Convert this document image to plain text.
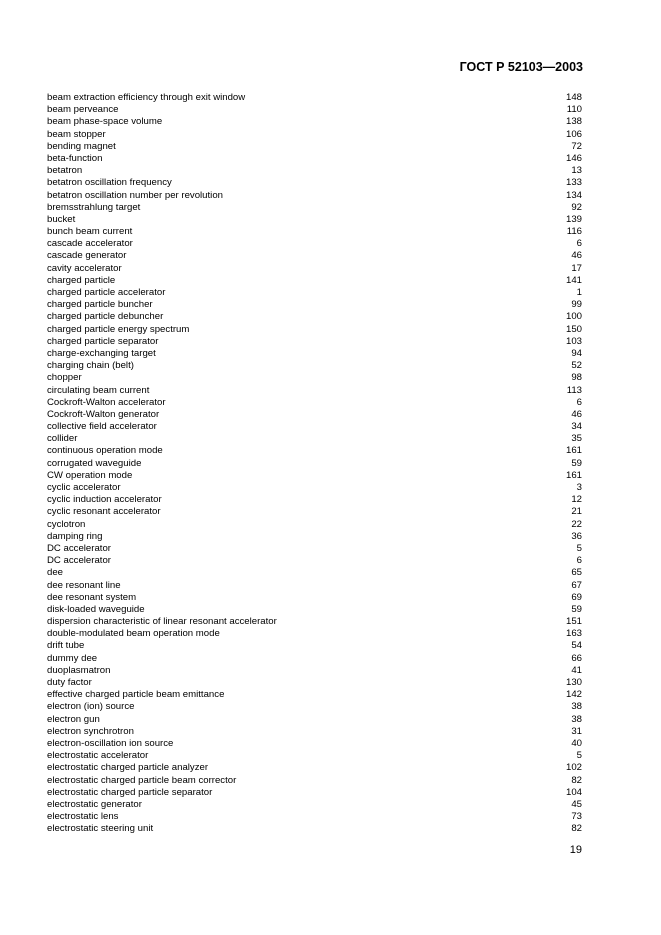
ГОСТ Р 52103—2003
beam extraction efficiency through exit window	148
beam perveance	110
beam phase-space volume	138
beam stopper	106
bending magnet	72
beta-function	146
betatron	13
betatron oscillation frequency	133
betatron oscillation number per revolution	134
bremsstrahlung target	92
bucket	139
bunch beam current	116
cascade accelerator	6
cascade generator	46
cavity accelerator	17
charged particle	141
charged particle accelerator	1
charged particle buncher	99
charged particle debuncher	100
charged particle energy spectrum	150
charged particle separator	103
charge-exchanging target	94
charging chain (belt)	52
chopper	98
circulating beam current	113
Cockroft-Walton accelerator	6
Cockroft-Walton generator	46
collective field accelerator	34
collider	35
continuous operation mode	161
corrugated waveguide	59
CW operation mode	161
cyclic accelerator	3
cyclic induction accelerator	12
cyclic resonant accelerator	21
cyclotron	22
damping ring	36
DC accelerator	5
DC accelerator	6
dee	65
dee resonant line	67
dee resonant system	69
disk-loaded waveguide	59
dispersion characteristic of linear resonant accelerator	151
double-modulated beam operation mode	163
drift tube	54
dummy dee	66
duoplasmatron	41
duty factor	130
effective charged particle beam emittance	142
electron (ion) source	38
electron gun	38
electron synchrotron	31
electron-oscillation ion source	40
electrostatic accelerator	5
electrostatic charged particle analyzer	102
electrostatic charged particle beam corrector	82
electrostatic charged particle separator	104
electrostatic generator	45
electrostatic lens	73
electrostatic steering unit	82
19
